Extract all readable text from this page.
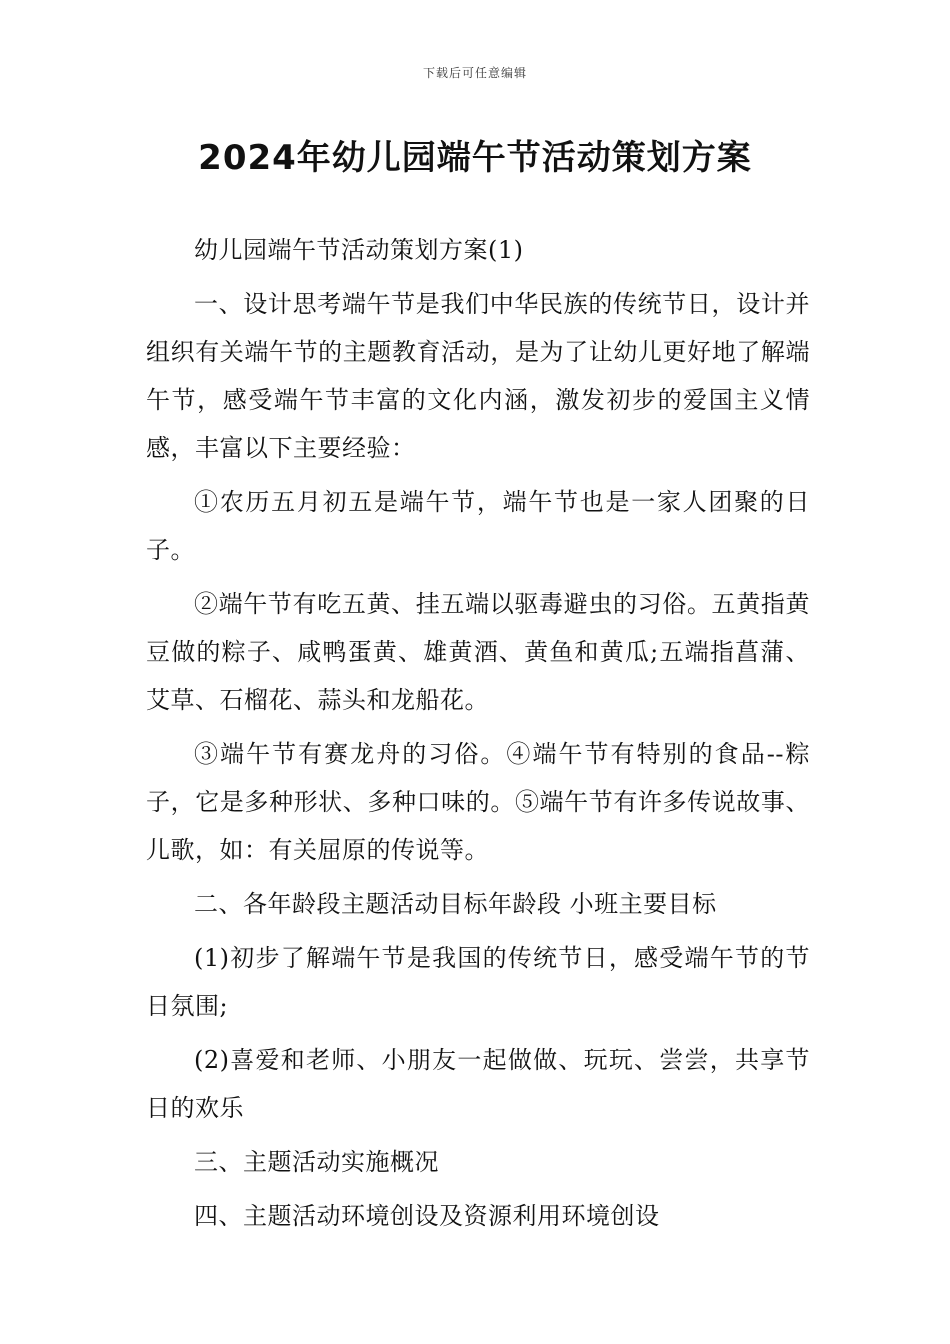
下载后可任意编辑
2024年幼儿园端午节活动策划方案

幼儿园端午节活动策划方案(1)

一、设计思考端午节是我们中华民族的传统节日，设计并组织有关端午节的主题教育活动，是为了让幼儿更好地了解端午节，感受端午节丰富的文化内涵，激发初步的爱国主义情感，丰富以下主要经验：

①农历五月初五是端午节，端午节也是一家人团聚的日子。

②端午节有吃五黄、挂五端以驱毒避虫的习俗。五黄指黄豆做的粽子、咸鸭蛋黄、雄黄酒、黄鱼和黄瓜;五端指菖蒲、艾草、石榴花、蒜头和龙船花。

③端午节有赛龙舟的习俗。④端午节有特别的食品--粽子，它是多种形状、多种口味的。⑤端午节有许多传说故事、儿歌，如：有关屈原的传说等。

二、各年龄段主题活动目标年龄段 小班主要目标

(1)初步了解端午节是我国的传统节日，感受端午节的节日氛围;

(2)喜爱和老师、小朋友一起做做、玩玩、尝尝，共享节日的欢乐

三、主题活动实施概况

四、主题活动环境创设及资源利用环境创设
